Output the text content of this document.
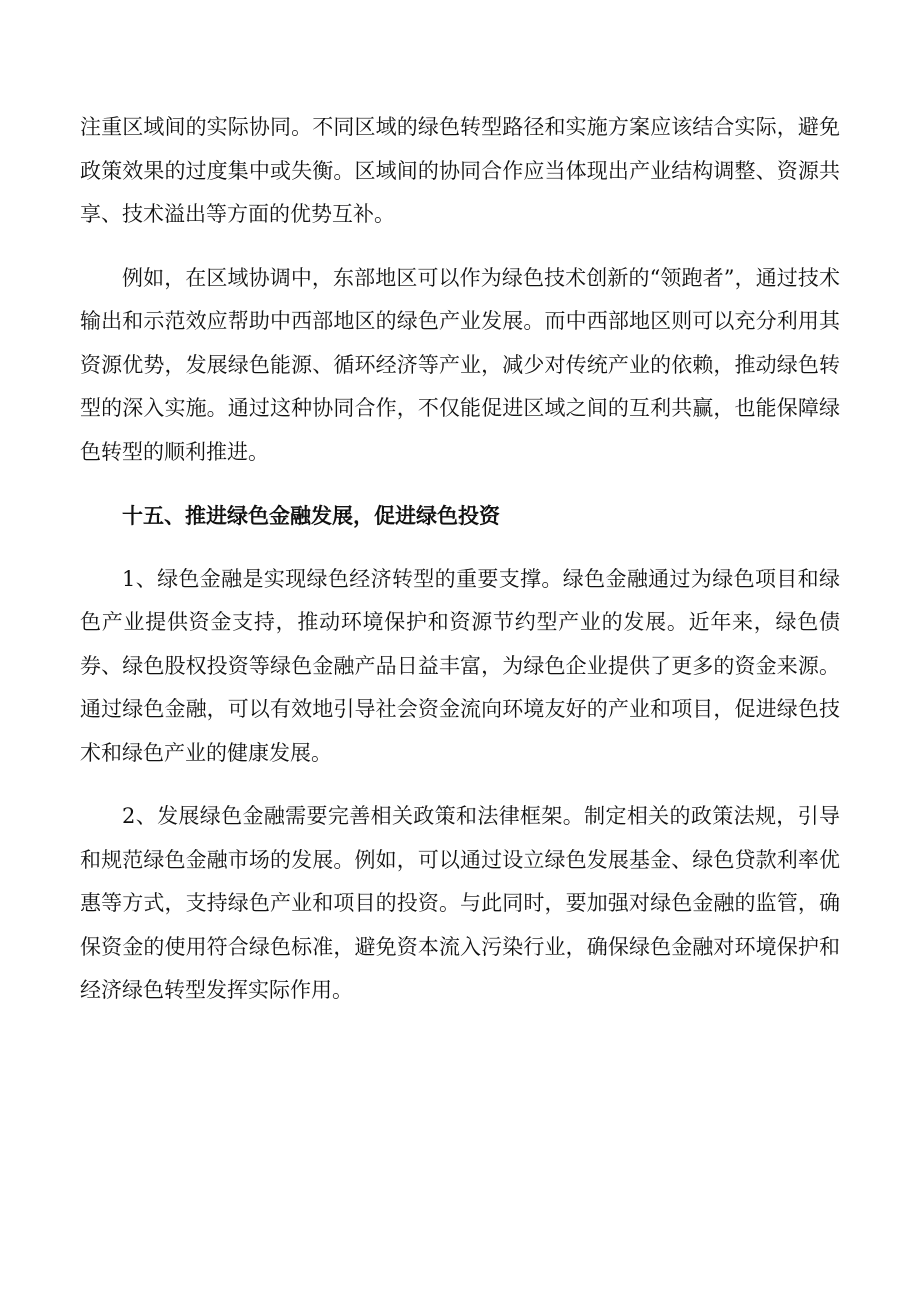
注重区域间的实际协同。不同区域的绿色转型路径和实施方案应该结合实际，避免政策效果的过度集中或失衡。区域间的协同合作应当体现出产业结构调整、资源共享、技术溢出等方面的优势互补。

例如，在区域协调中，东部地区可以作为绿色技术创新的“领跑者”，通过技术输出和示范效应帮助中西部地区的绿色产业发展。而中西部地区则可以充分利用其资源优势，发展绿色能源、循环经济等产业，减少对传统产业的依赖，推动绿色转型的深入实施。通过这种协同合作，不仅能促进区域之间的互利共赢，也能保障绿色转型的顺利推进。

十五、推进绿色金融发展，促进绿色投资

1、绿色金融是实现绿色经济转型的重要支撑。绿色金融通过为绿色项目和绿色产业提供资金支持，推动环境保护和资源节约型产业的发展。近年来，绿色债券、绿色股权投资等绿色金融产品日益丰富，为绿色企业提供了更多的资金来源。通过绿色金融，可以有效地引导社会资金流向环境友好的产业和项目，促进绿色技术和绿色产业的健康发展。

2、发展绿色金融需要完善相关政策和法律框架。制定相关的政策法规，引导和规范绿色金融市场的发展。例如，可以通过设立绿色发展基金、绿色贷款利率优惠等方式，支持绿色产业和项目的投资。与此同时，要加强对绿色金融的监管，确保资金的使用符合绿色标准，避免资本流入污染行业，确保绿色金融对环境保护和经济绿色转型发挥实际作用。
